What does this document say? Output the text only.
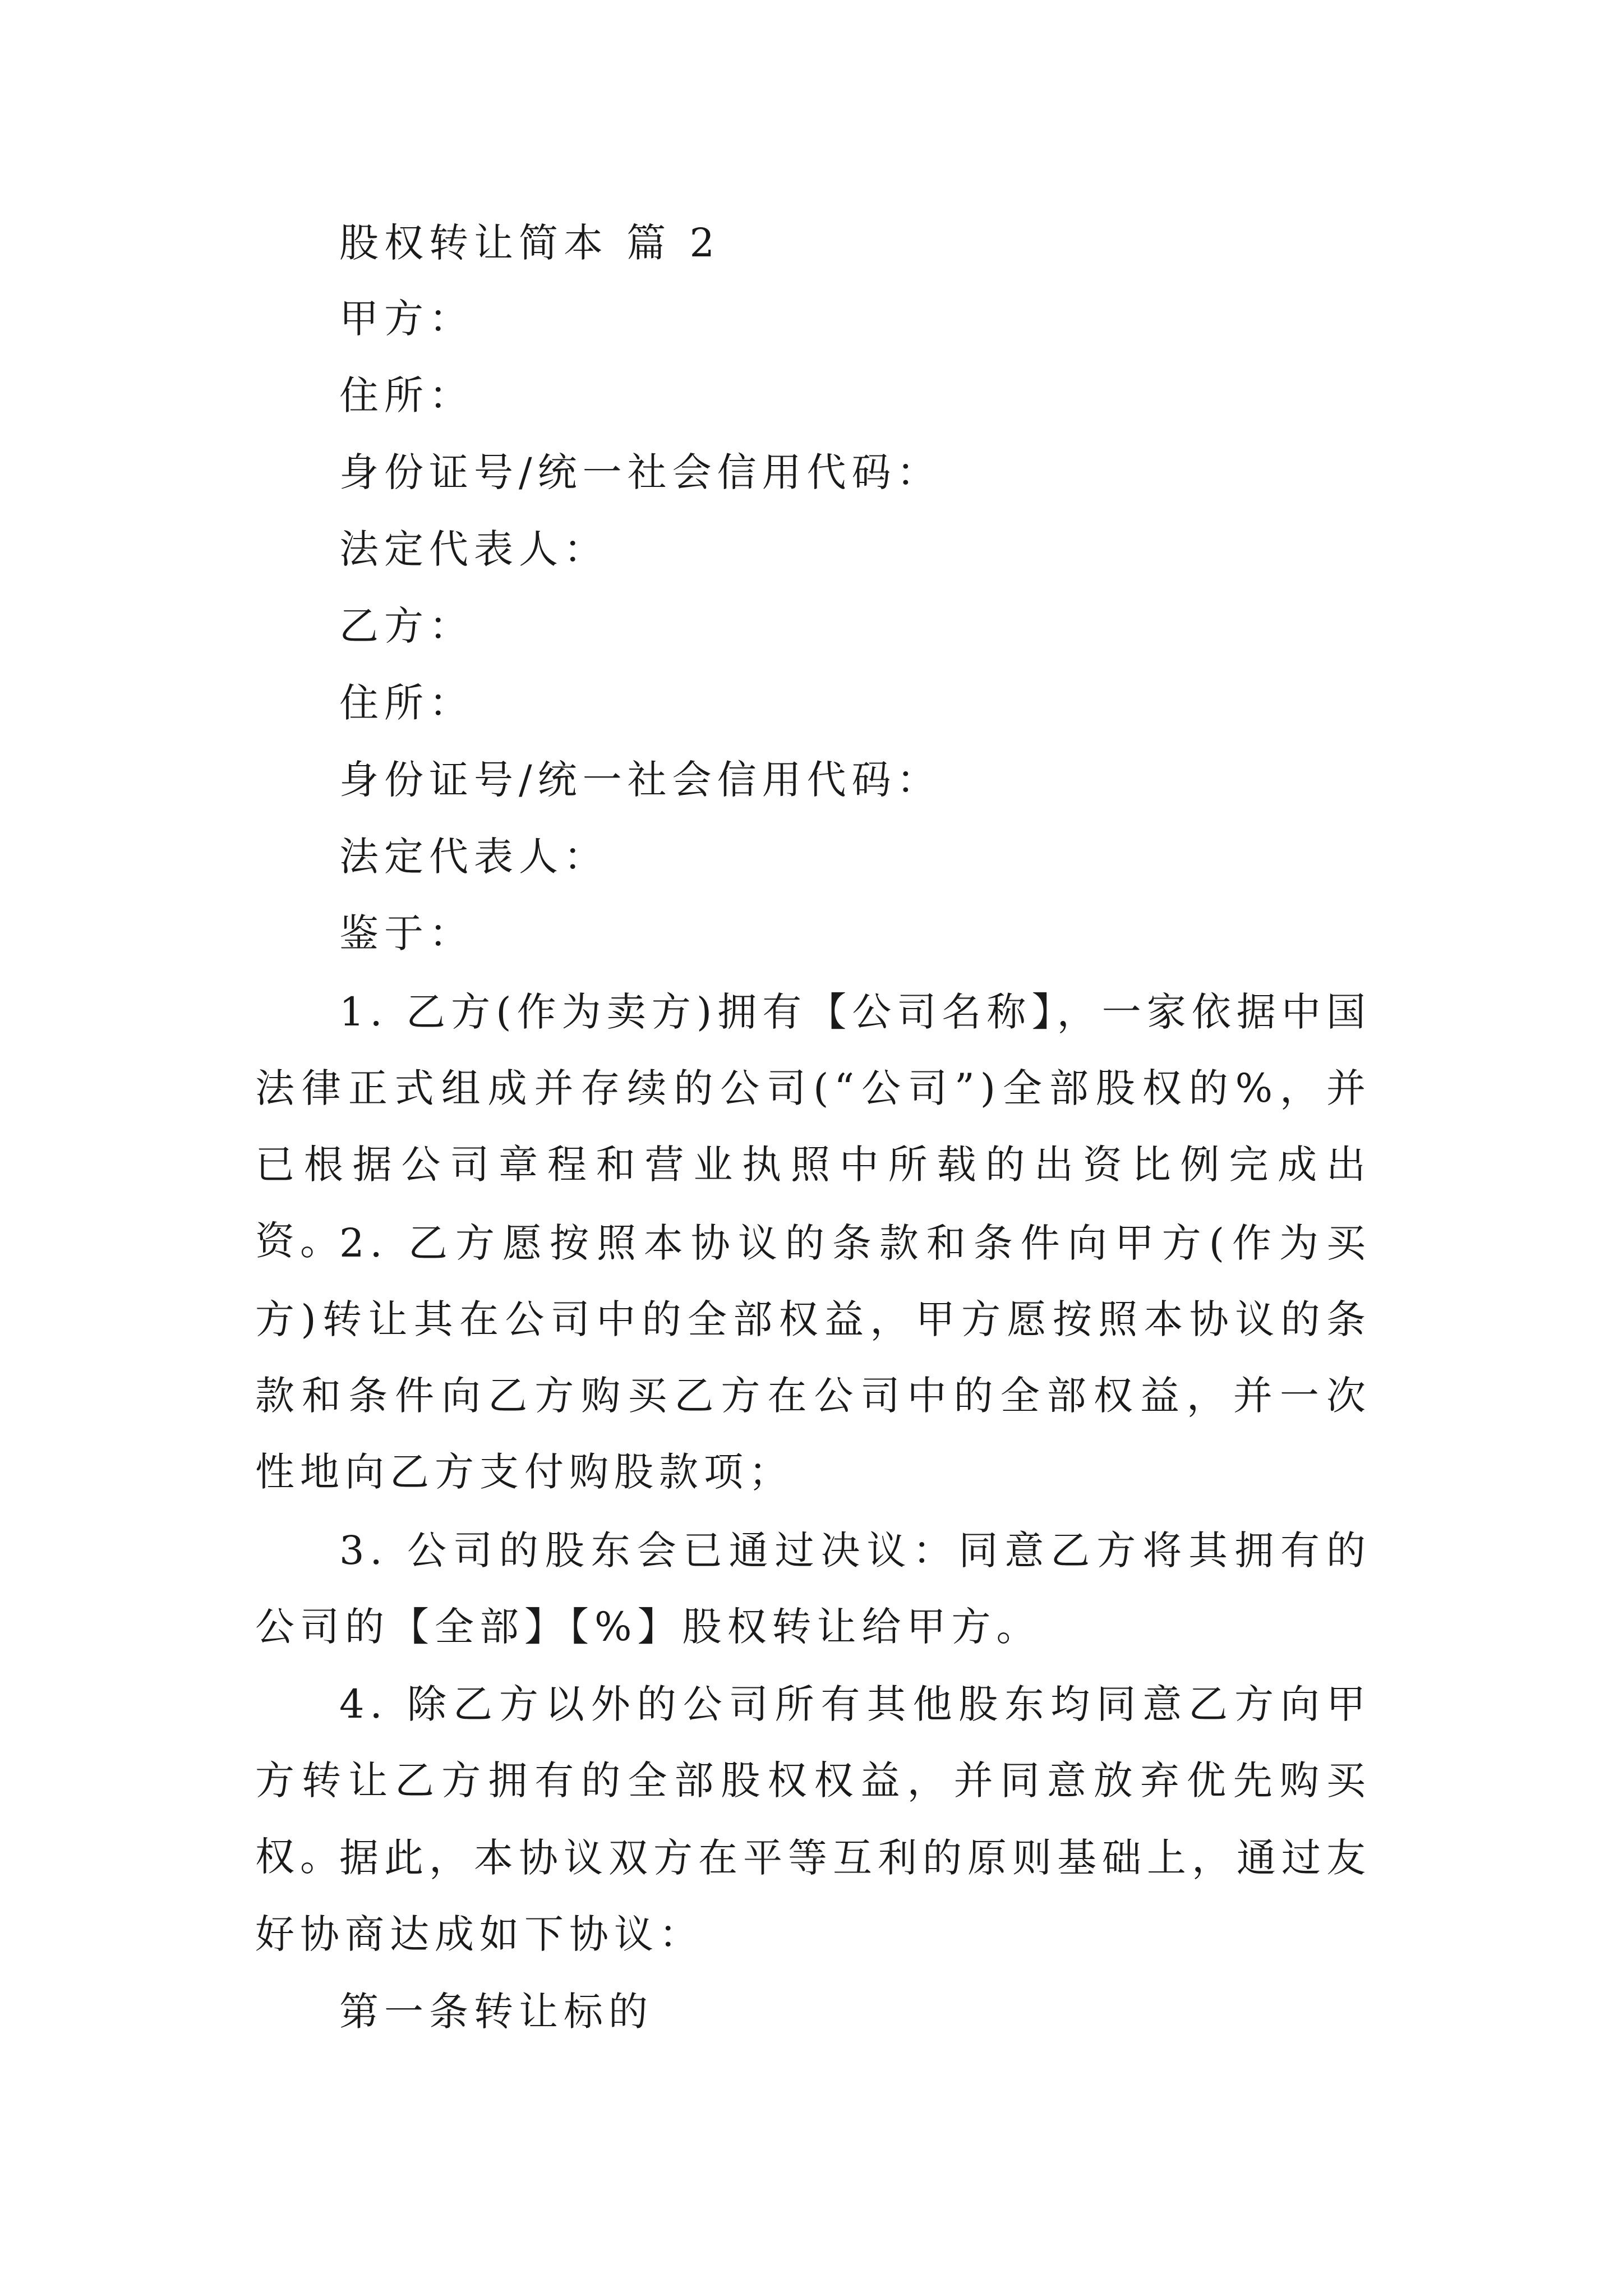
股权转让简本 篇 2
甲方：
住所：
身份证号/统一社会信用代码：
法定代表人：
乙方：
住所：
身份证号/统一社会信用代码：
法定代表人：
鉴于：
1. 乙方(作为卖方)拥有【公司名称】，一家依据中国法律正式组成并存续的公司(“公司”)全部股权的%，并已根据公司章程和营业执照中所载的出资比例完成出资。
2. 乙方愿按照本协议的条款和条件向甲方(作为买方)转让其在公司中的全部权益，甲方愿按照本协议的条款和条件向乙方购买乙方在公司中的全部权益，并一次性地向乙方支付购股款项；
3. 公司的股东会已通过决议：同意乙方将其拥有的公司的【全部】【%】股权转让给甲方。
4. 除乙方以外的公司所有其他股东均同意乙方向甲方转让乙方拥有的全部股权权益，并同意放弃优先购买权。
据此，本协议双方在平等互利的原则基础上，通过友好协商达成如下协议：
第一条转让标的
